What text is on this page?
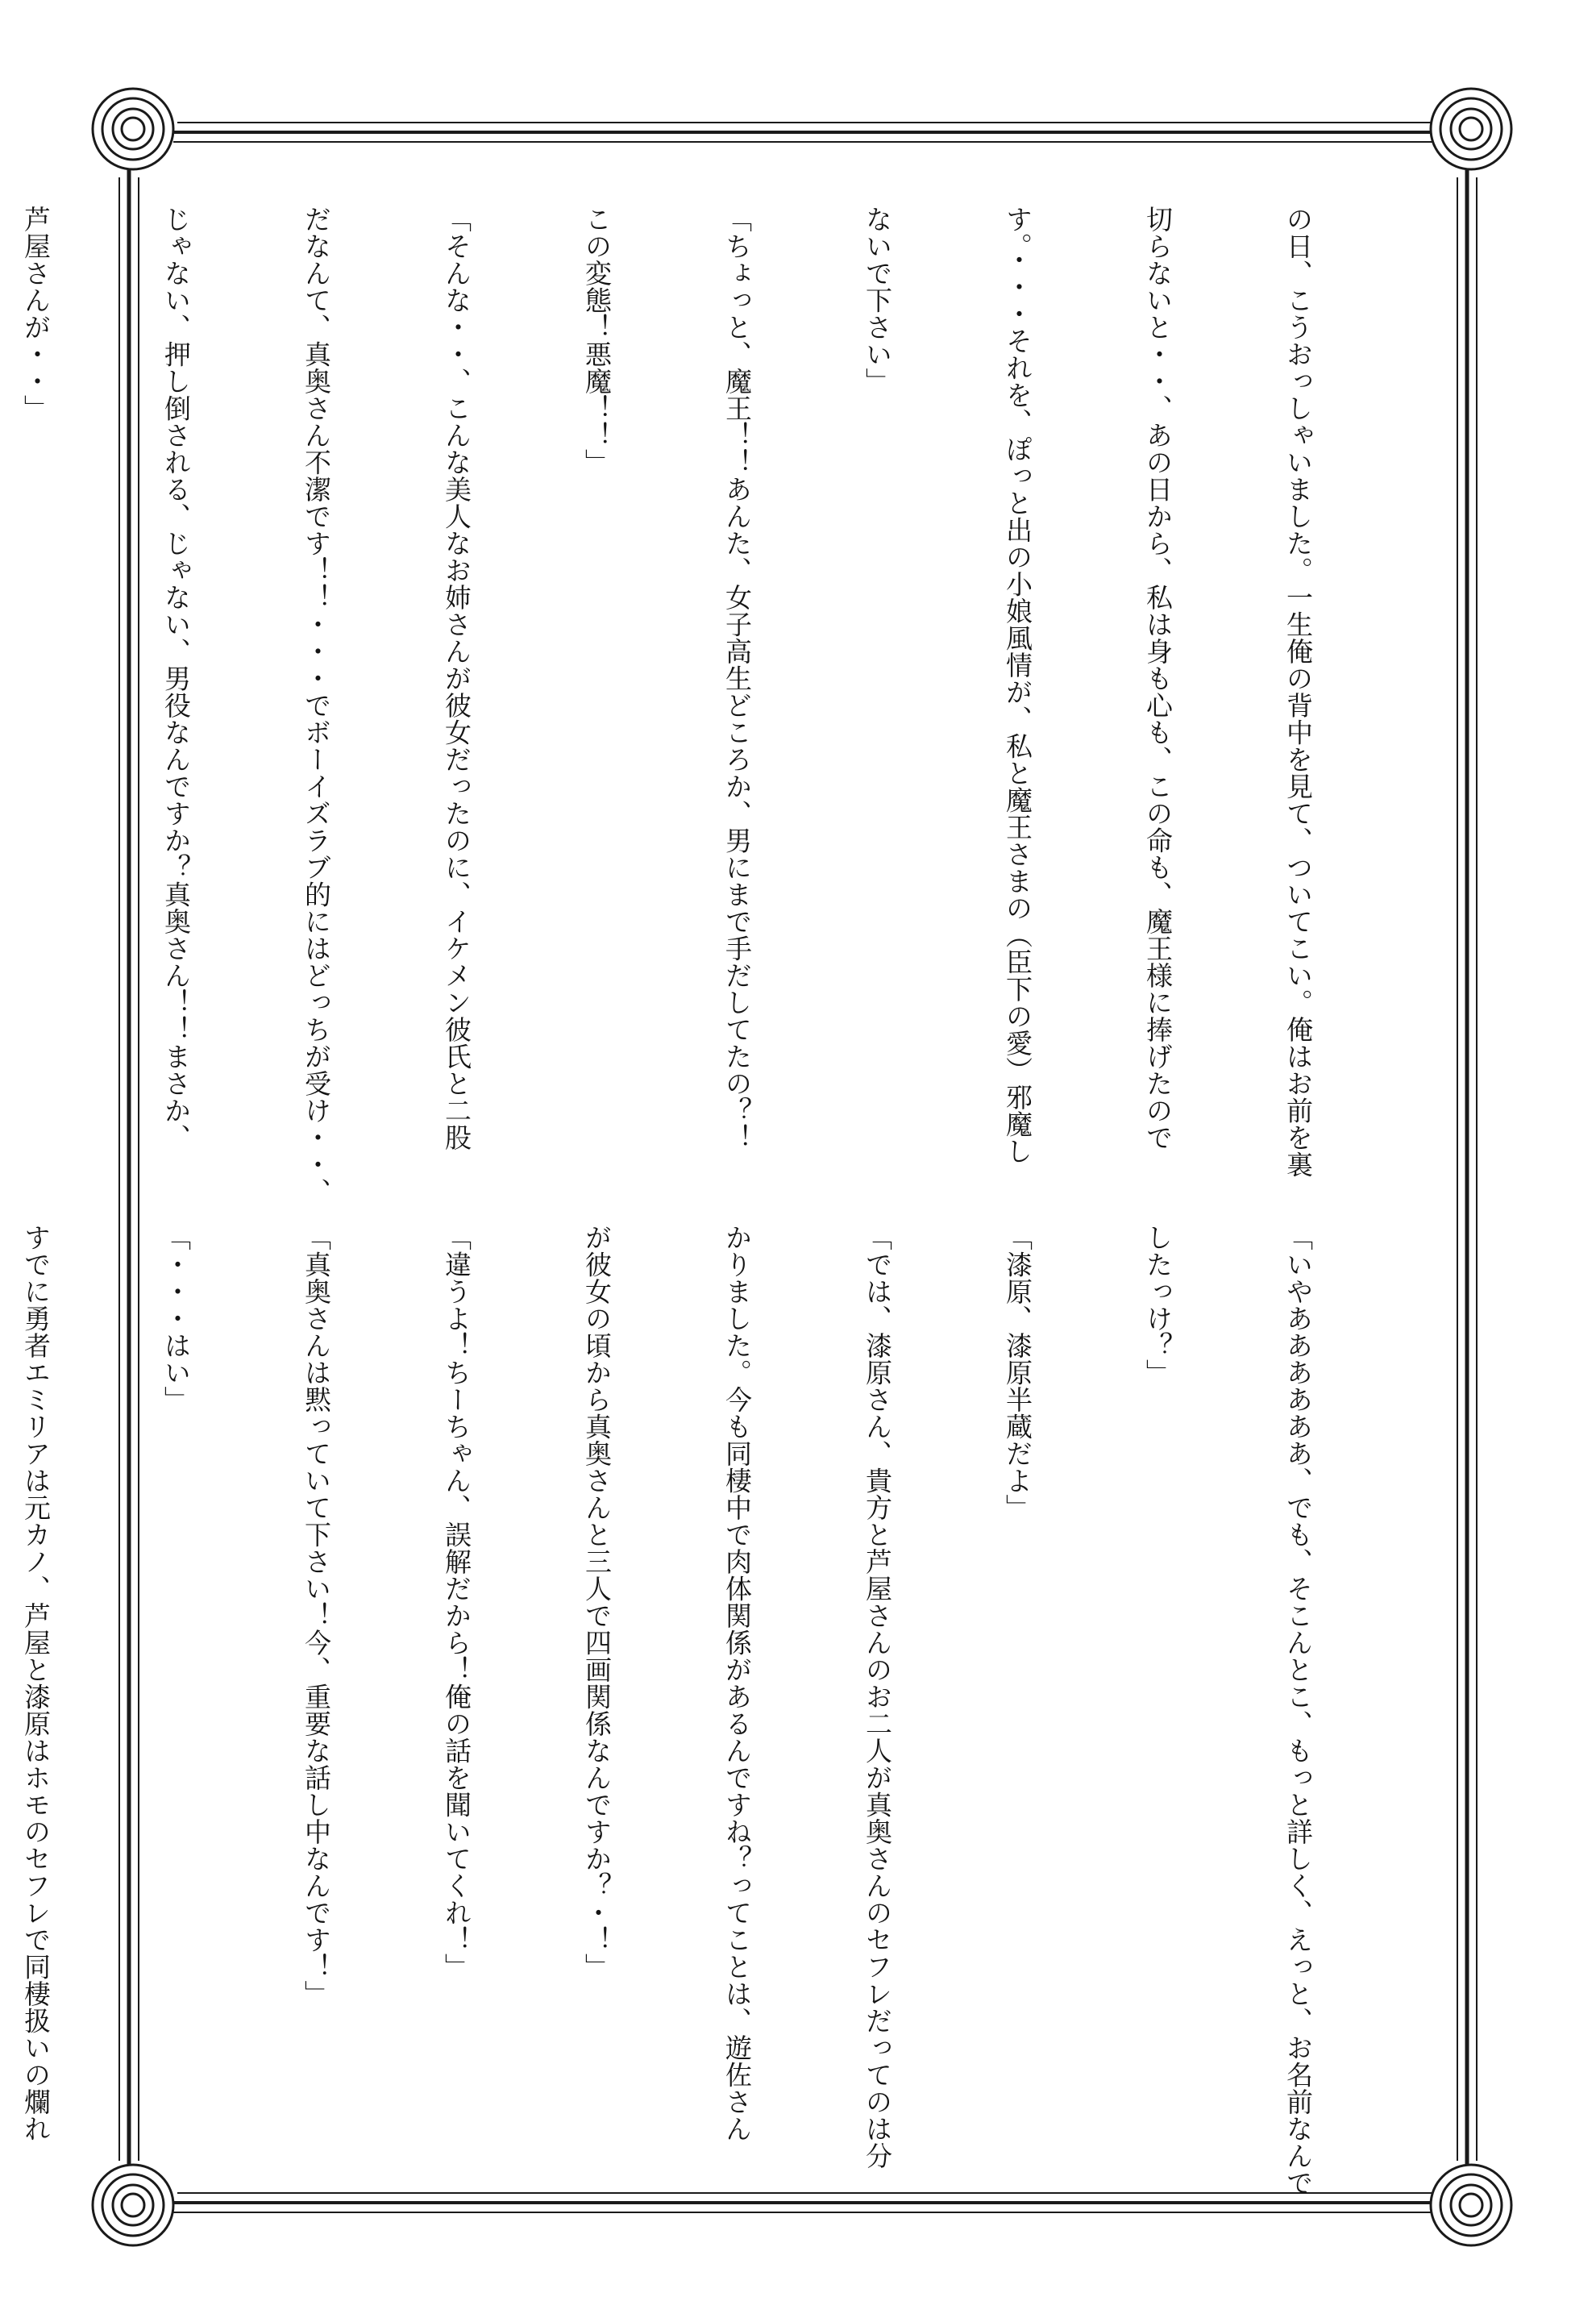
の日、こうおっしゃいました。一生俺の背中を見て、ついてこい。俺はお前を裏

切らないと・・、あの日から、私は身も心も、この命も、魔王様に捧げたので

す。・・・それを、ぽっと出の小娘風情が、私と魔王さまの（臣下の愛）邪魔し

ないで下さい」

「ちょっと、魔王！！あんた、女子高生どころか、男にまで手だしてたの？！

この変態！悪魔！！」

「そんな・・、こんな美人なお姉さんが彼女だったのに、イケメン彼氏と二股

だなんて、真奥さん不潔です！！・・・でボーイズラブ的にはどっちが受け・・、

じゃない、押し倒される、じゃない、男役なんですか？真奥さん！！まさか、

芦屋さんが・・」

「いやああああああ、でも、そこんとこ、もっと詳しく、えっと、お名前なんで

したっけ？」

「漆原、漆原半蔵だよ」

「では、漆原さん、貴方と芦屋さんのお二人が真奥さんのセフレだってのは分

かりました。今も同棲中で肉体関係があるんですね？ってことは、遊佐さん

が彼女の頃から真奥さんと三人で四画関係なんですか？・！」

「違うよ！ちーちゃん、誤解だから！俺の話を聞いてくれ！」

「真奥さんは黙っていて下さい！今、重要な話し中なんです！」

「・・・はい」

すでに勇者エミリアは元カノ、芦屋と漆原はホモのセフレで同棲扱いの爛れ
